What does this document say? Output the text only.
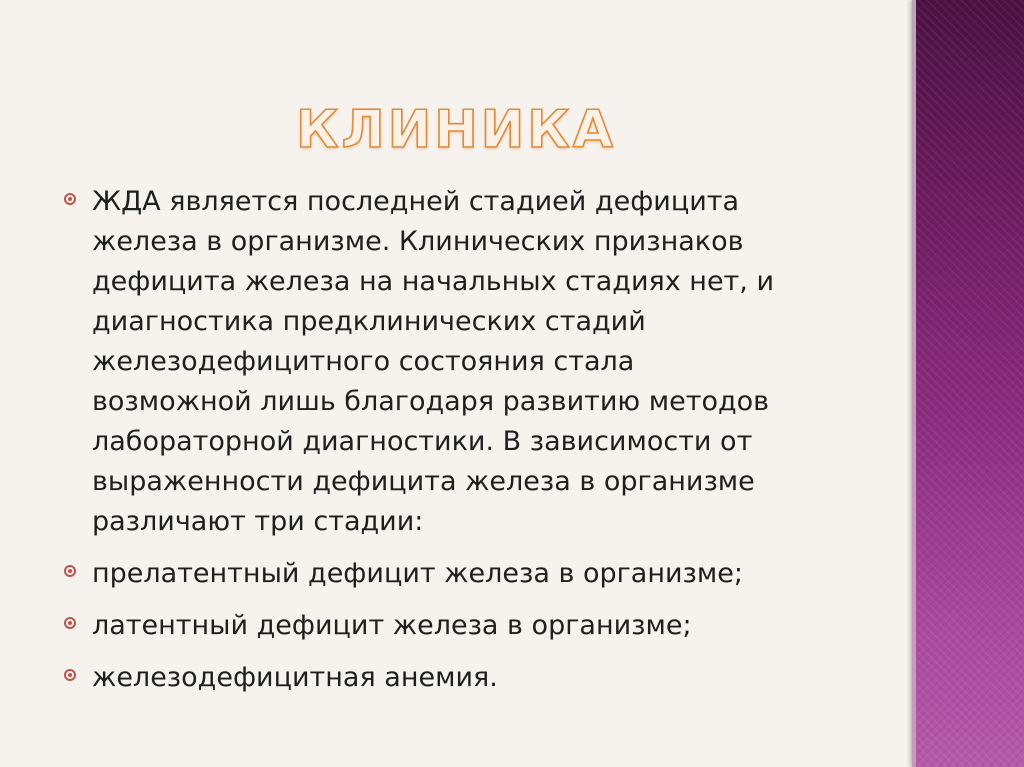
КЛИНИКА
ЖДА является последней стадией дефицита
железа в организме. Клинических признаков
дефицита железа на начальных стадиях нет, и
диагностика предклинических стадий
железодефицитного состояния стала
возможной лишь благодаря развитию методов
лабораторной диагностики. В зависимости от
выраженности дефицита железа в организме
различают три стадии:
прелатентный дефицит железа в организме;
латентный дефицит железа в организме;
железодефицитная анемия.
